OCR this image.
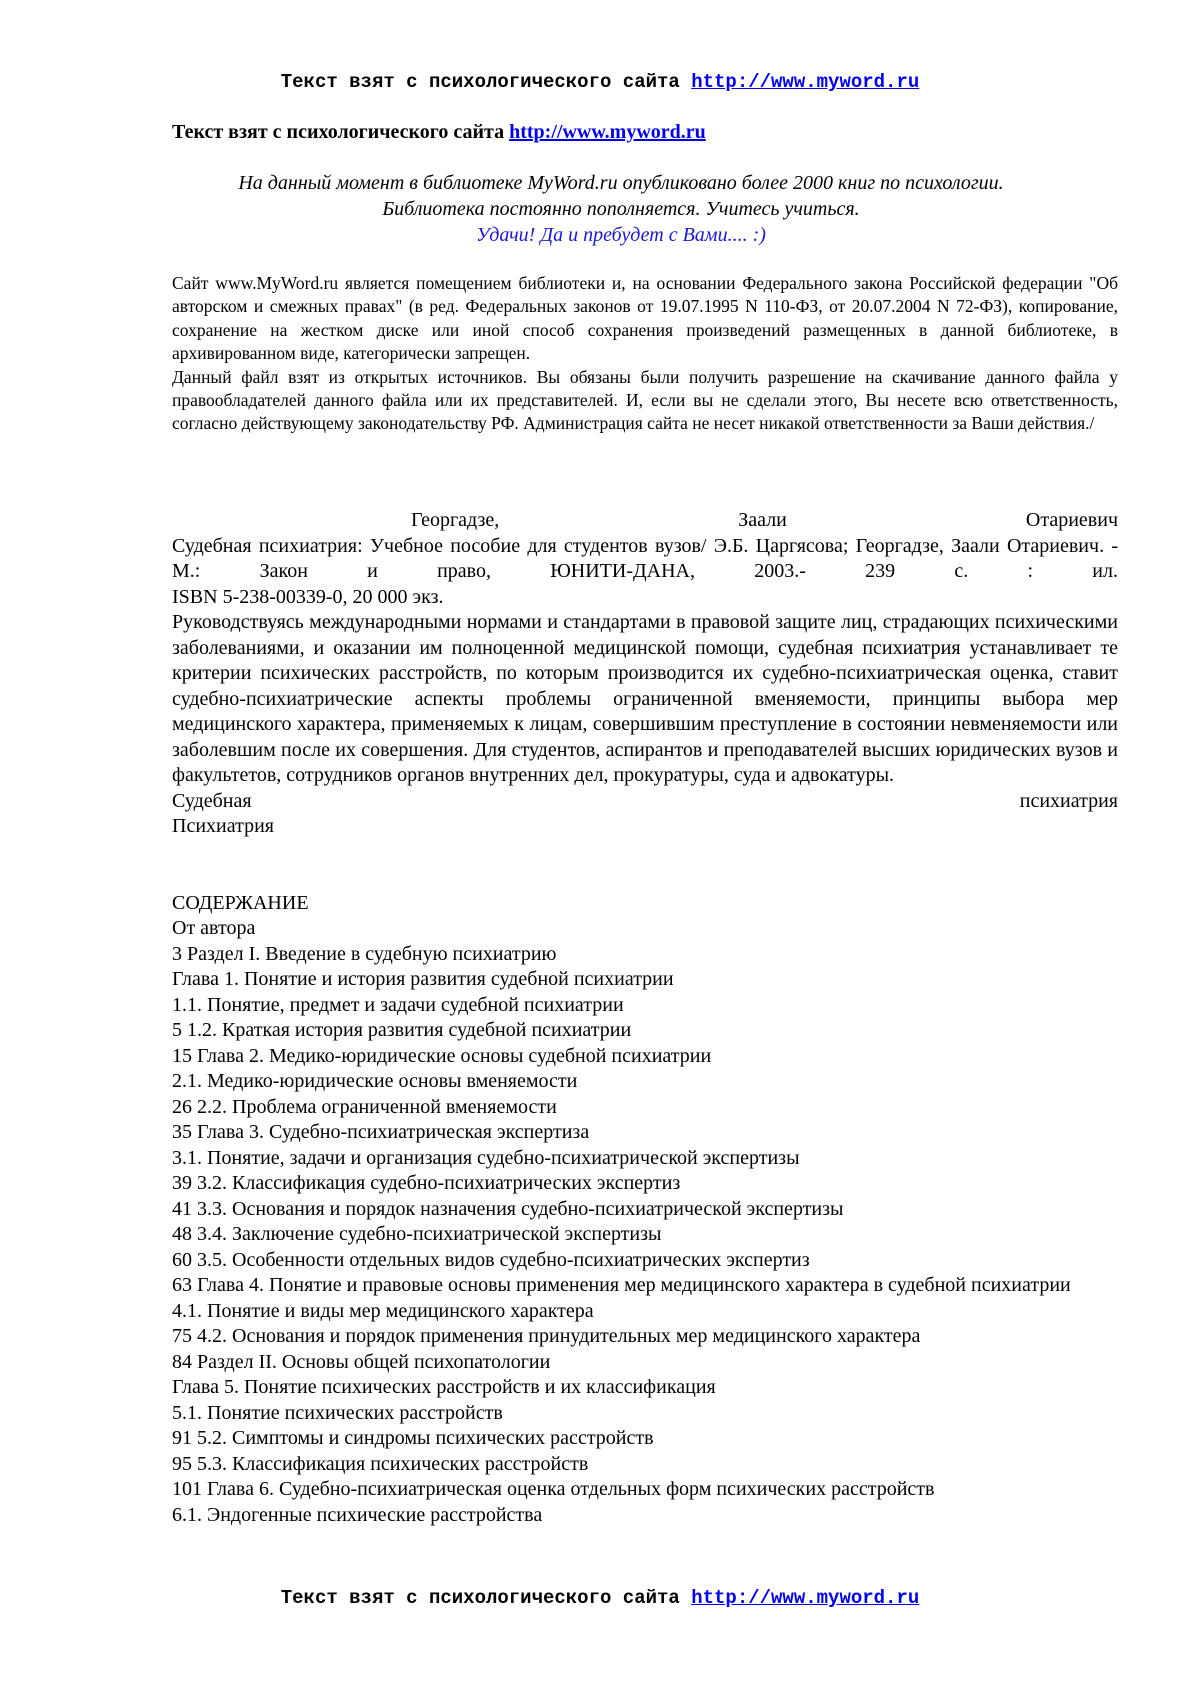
Текст взят с психологического сайта http://www.myword.ru
Текст взят с психологического сайта http://www.myword.ru
На данный момент в библиотеке MyWord.ru опубликовано более 2000 книг по психологии.
Библиотека постоянно пополняется. Учитесь учиться.
Удачи! Да и пребудет с Вами.... :)

Сайт www.MyWord.ru является помещением библиотеки и, на основании Федерального закона Российской федерации "Об авторском и смежных правах" (в ред. Федеральных законов от 19.07.1995 N 110-ФЗ, от 20.07.2004 N 72-ФЗ), копирование, сохранение на жестком диске или иной способ сохранения произведений размещенных в данной библиотеке, в архивированном виде, категорически запрещен.

Данный файл взят из открытых источников. Вы обязаны были получить разрешение на скачивание данного файла у правообладателей данного файла или их представителей. И, если вы не сделали этого, Вы несете всю ответственность, согласно действующему законодательству РФ. Администрация сайта не несет никакой ответственности за Ваши действия./

​ Георгадзе, Заали Отариевич

Судебная психиатрия: Учебное пособие для студентов вузов/ Э.Б. Царгясова; Георгадзе, Заали Отариевич. - М.: Закон и право, ЮНИТИ-ДАНА, 2003.- 239 с. : ил.

ISBN 5-238-00339-0, 20 000 экз.

Руководствуясь международными нормами и стандартами в правовой защите лиц, страдающих психическими заболеваниями, и оказании им полноценной медицинской помощи, судебная психиатрия устанавливает те критерии психических расстройств, по которым производится их судебно-психиатрическая оценка, ставит судебно-психиатрические аспекты проблемы ограниченной вменяемости, принципы выбора мер медицинского характера, применяемых к лицам, совершившим преступление в состоянии невменяемости или заболевшим после их совершения. Для студентов, аспирантов и преподавателей высших юридических вузов и факультетов, сотрудников органов внутренних дел, прокуратуры, суда и адвокатуры.

Судебная психиатрия

Психиатрия

СОДЕРЖАНИЕ

От автора
3 Раздел I. Введение в судебную психиатрию
Глава 1. Понятие и история развития судебной психиатрии
1.1. Понятие, предмет и задачи судебной психиатрии
5 1.2. Краткая история развития судебной психиатрии
15 Глава 2. Медико-юридические основы судебной психиатрии
2.1. Медико-юридические основы вменяемости
26 2.2. Проблема ограниченной вменяемости
35 Глава 3. Судебно-психиатрическая экспертиза
3.1. Понятие, задачи и организация судебно-психиатрической экспертизы
39 3.2. Классификация судебно-психиатрических экспертиз
41 3.3. Основания и порядок назначения судебно-психиатрической экспертизы
48 3.4. Заключение судебно-психиатрической экспертизы
60 3.5. Особенности отдельных видов судебно-психиатрических экспертиз
63 Глава 4. Понятие и правовые основы применения мер медицинского характера в судебной психиатрии
4.1. Понятие и виды мер медицинского характера
75 4.2. Основания и порядок применения принудительных мер медицинского характера
84 Раздел II. Основы общей психопатологии
Глава 5. Понятие психических расстройств и их классификация
5.1. Понятие психических расстройств
91 5.2. Симптомы и синдромы психических расстройств
95 5.3. Классификация психических расстройств
101 Глава 6. Судебно-психиатрическая оценка отдельных форм психических расстройств
6.1. Эндогенные психические расстройства
Текст взят с психологического сайта http://www.myword.ru
